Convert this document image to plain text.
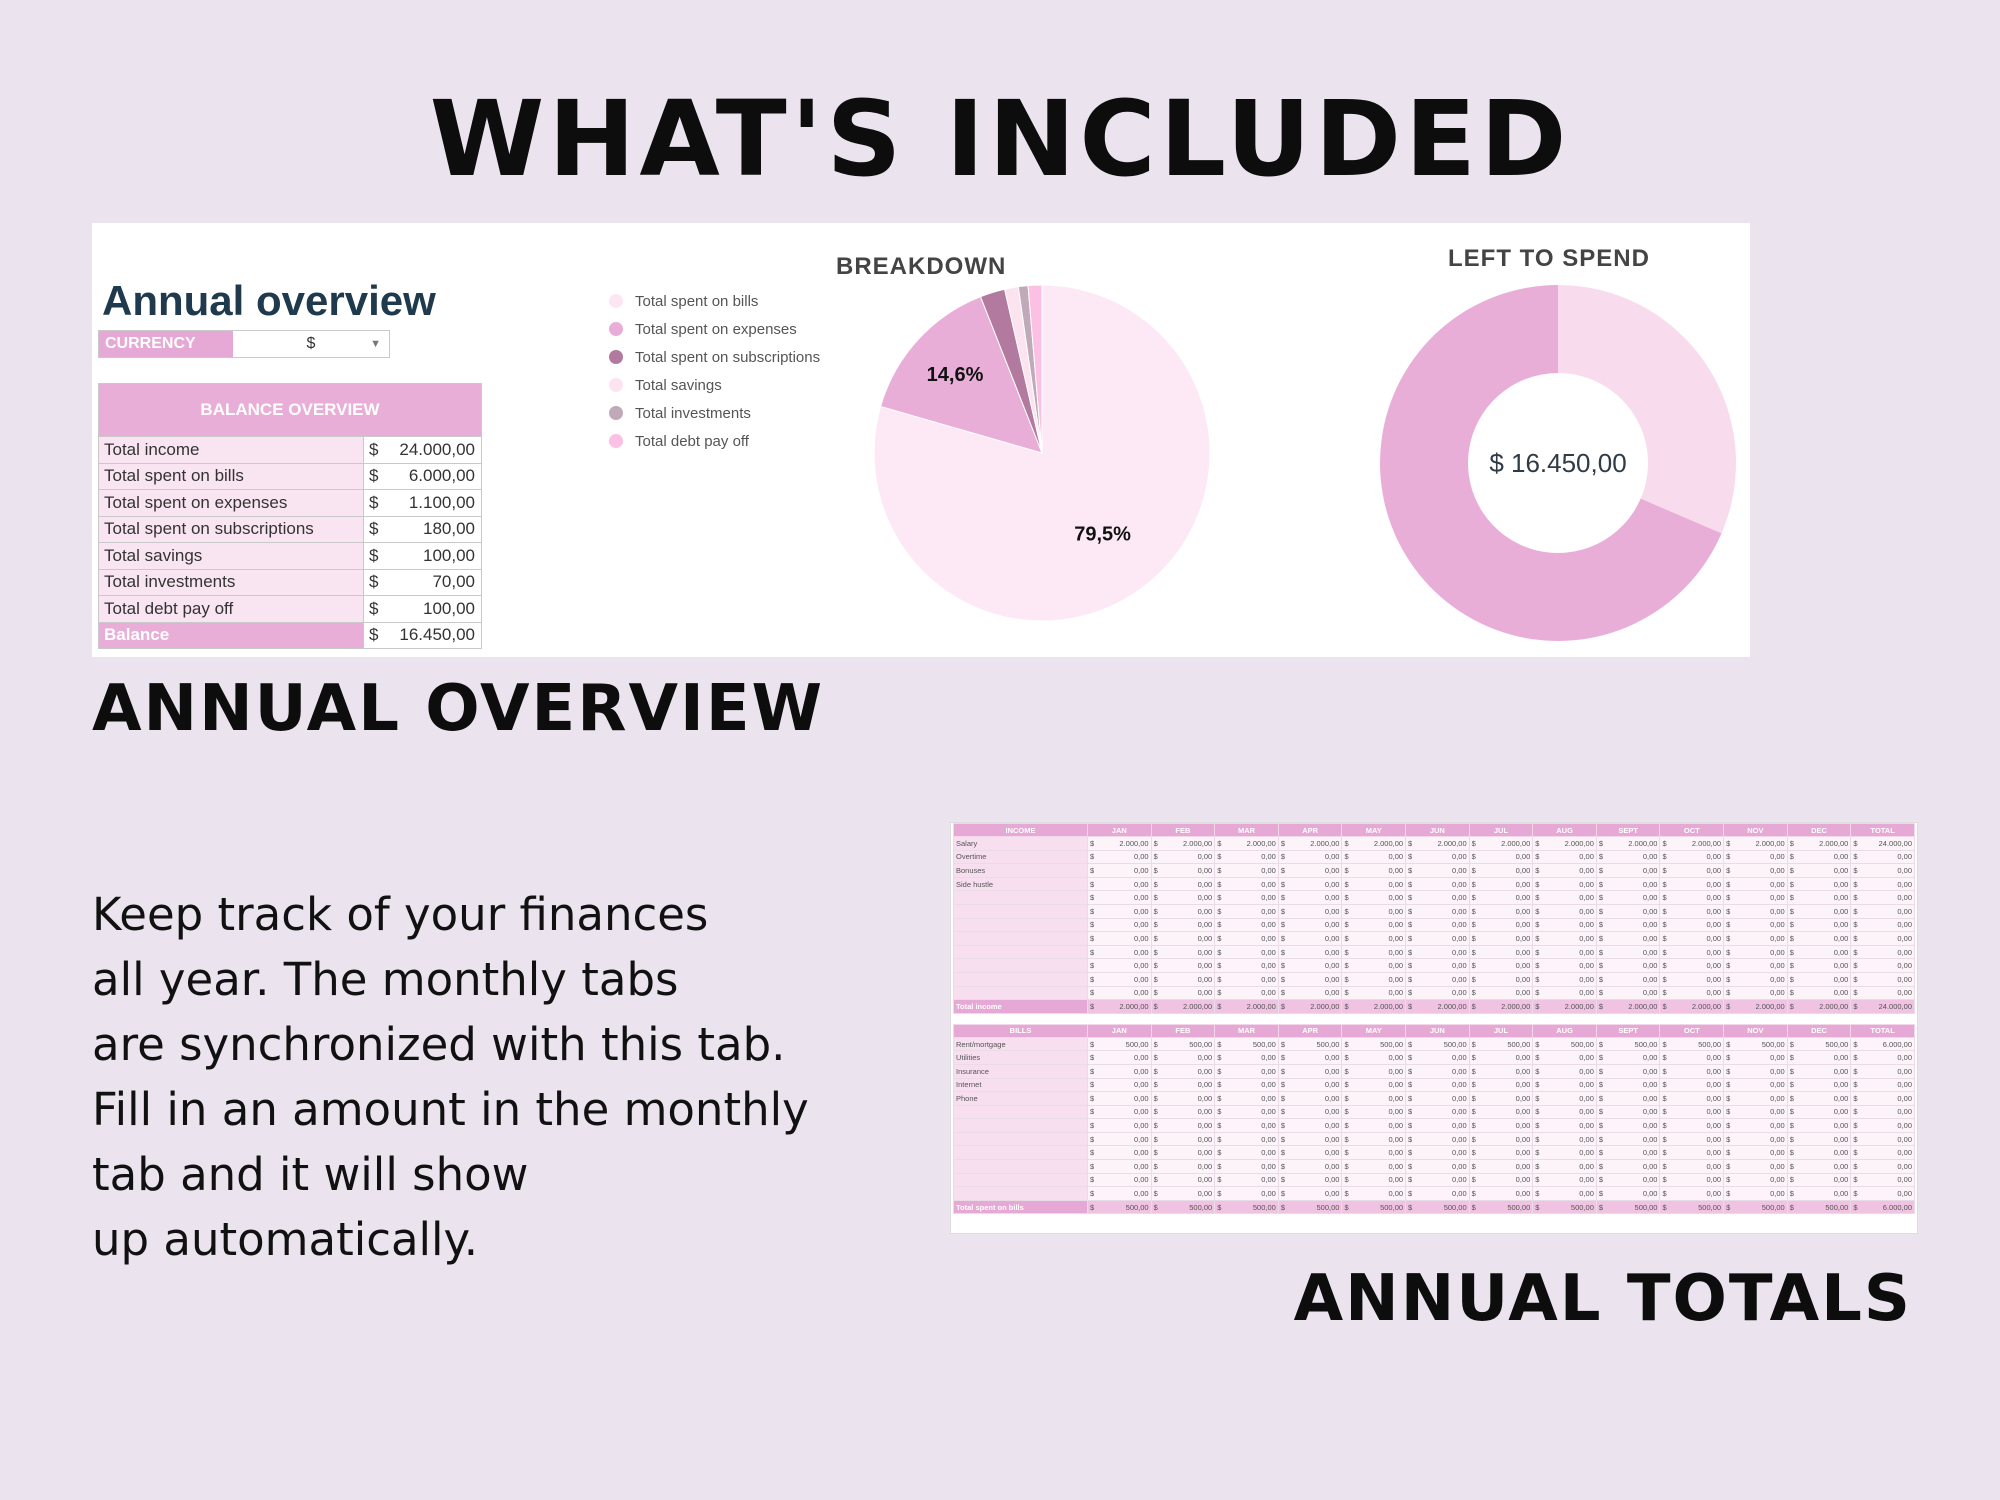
WHAT'S INCLUDED
Annual overview
CURRENCY	$	▼
BALANCE OVERVIEW		
Total income	$	24.000,00
Total spent on bills	$	6.000,00
Total spent on expenses	$	1.100,00
Total spent on subscriptions	$	180,00
Total savings	$	100,00
Total investments	$	70,00
Total debt pay off	$	100,00
Balance	$	16.450,00
Total spent on bills
Total spent on expenses
Total spent on subscriptions
Total savings
Total investments
Total debt pay off
BREAKDOWN
79,5%
14,6%
LEFT TO SPEND
$ 16.450,00
ANNUAL OVERVIEW

Keep track of your finances
all year. The monthly tabs
are synchronized with this tab.
Fill in an amount in the monthly
tab and it will show
up automatically.

INCOME	JAN	FEB	MAR	APR	MAY	JUN	JUL	AUG	SEPT	OCT	NOV	DEC	TOTAL
Salary	$ 2.000,00	$ 2.000,00	$ 2.000,00	$ 2.000,00	$ 2.000,00	$ 2.000,00	$ 2.000,00	$ 2.000,00	$ 2.000,00	$ 2.000,00	$ 2.000,00	$ 2.000,00	$ 24.000,00

Overtime	$ 0,00	$ 0,00	$ 0,00	$ 0,00	$ 0,00	$ 0,00	$ 0,00	$ 0,00	$ 0,00	$ 0,00	$ 0,00	$ 0,00	$ 0,00

Bonuses	$ 0,00	$ 0,00	$ 0,00	$ 0,00	$ 0,00	$ 0,00	$ 0,00	$ 0,00	$ 0,00	$ 0,00	$ 0,00	$ 0,00	$ 0,00

Side hustle	$ 0,00	$ 0,00	$ 0,00	$ 0,00	$ 0,00	$ 0,00	$ 0,00	$ 0,00	$ 0,00	$ 0,00	$ 0,00	$ 0,00	$ 0,00

	$ 0,00	$ 0,00	$ 0,00	$ 0,00	$ 0,00	$ 0,00	$ 0,00	$ 0,00	$ 0,00	$ 0,00	$ 0,00	$ 0,00	$ 0,00

	$ 0,00	$ 0,00	$ 0,00	$ 0,00	$ 0,00	$ 0,00	$ 0,00	$ 0,00	$ 0,00	$ 0,00	$ 0,00	$ 0,00	$ 0,00

	$ 0,00	$ 0,00	$ 0,00	$ 0,00	$ 0,00	$ 0,00	$ 0,00	$ 0,00	$ 0,00	$ 0,00	$ 0,00	$ 0,00	$ 0,00

	$ 0,00	$ 0,00	$ 0,00	$ 0,00	$ 0,00	$ 0,00	$ 0,00	$ 0,00	$ 0,00	$ 0,00	$ 0,00	$ 0,00	$ 0,00

	$ 0,00	$ 0,00	$ 0,00	$ 0,00	$ 0,00	$ 0,00	$ 0,00	$ 0,00	$ 0,00	$ 0,00	$ 0,00	$ 0,00	$ 0,00

	$ 0,00	$ 0,00	$ 0,00	$ 0,00	$ 0,00	$ 0,00	$ 0,00	$ 0,00	$ 0,00	$ 0,00	$ 0,00	$ 0,00	$ 0,00

	$ 0,00	$ 0,00	$ 0,00	$ 0,00	$ 0,00	$ 0,00	$ 0,00	$ 0,00	$ 0,00	$ 0,00	$ 0,00	$ 0,00	$ 0,00

	$ 0,00	$ 0,00	$ 0,00	$ 0,00	$ 0,00	$ 0,00	$ 0,00	$ 0,00	$ 0,00	$ 0,00	$ 0,00	$ 0,00	$ 0,00

Total income	$ 2.000,00	$ 2.000,00	$ 2.000,00	$ 2.000,00	$ 2.000,00	$ 2.000,00	$ 2.000,00	$ 2.000,00	$ 2.000,00	$ 2.000,00	$ 2.000,00	$ 2.000,00	$ 24.000,00
BILLS	JAN	FEB	MAR	APR	MAY	JUN	JUL	AUG	SEPT	OCT	NOV	DEC	TOTAL
Rent/mortgage	$ 500,00	$ 500,00	$ 500,00	$ 500,00	$ 500,00	$ 500,00	$ 500,00	$ 500,00	$ 500,00	$ 500,00	$ 500,00	$ 500,00	$ 6.000,00

Utilities	$ 0,00	$ 0,00	$ 0,00	$ 0,00	$ 0,00	$ 0,00	$ 0,00	$ 0,00	$ 0,00	$ 0,00	$ 0,00	$ 0,00	$ 0,00

Insurance	$ 0,00	$ 0,00	$ 0,00	$ 0,00	$ 0,00	$ 0,00	$ 0,00	$ 0,00	$ 0,00	$ 0,00	$ 0,00	$ 0,00	$ 0,00

Internet	$ 0,00	$ 0,00	$ 0,00	$ 0,00	$ 0,00	$ 0,00	$ 0,00	$ 0,00	$ 0,00	$ 0,00	$ 0,00	$ 0,00	$ 0,00

Phone	$ 0,00	$ 0,00	$ 0,00	$ 0,00	$ 0,00	$ 0,00	$ 0,00	$ 0,00	$ 0,00	$ 0,00	$ 0,00	$ 0,00	$ 0,00

	$ 0,00	$ 0,00	$ 0,00	$ 0,00	$ 0,00	$ 0,00	$ 0,00	$ 0,00	$ 0,00	$ 0,00	$ 0,00	$ 0,00	$ 0,00

	$ 0,00	$ 0,00	$ 0,00	$ 0,00	$ 0,00	$ 0,00	$ 0,00	$ 0,00	$ 0,00	$ 0,00	$ 0,00	$ 0,00	$ 0,00

	$ 0,00	$ 0,00	$ 0,00	$ 0,00	$ 0,00	$ 0,00	$ 0,00	$ 0,00	$ 0,00	$ 0,00	$ 0,00	$ 0,00	$ 0,00

	$ 0,00	$ 0,00	$ 0,00	$ 0,00	$ 0,00	$ 0,00	$ 0,00	$ 0,00	$ 0,00	$ 0,00	$ 0,00	$ 0,00	$ 0,00

	$ 0,00	$ 0,00	$ 0,00	$ 0,00	$ 0,00	$ 0,00	$ 0,00	$ 0,00	$ 0,00	$ 0,00	$ 0,00	$ 0,00	$ 0,00

	$ 0,00	$ 0,00	$ 0,00	$ 0,00	$ 0,00	$ 0,00	$ 0,00	$ 0,00	$ 0,00	$ 0,00	$ 0,00	$ 0,00	$ 0,00

	$ 0,00	$ 0,00	$ 0,00	$ 0,00	$ 0,00	$ 0,00	$ 0,00	$ 0,00	$ 0,00	$ 0,00	$ 0,00	$ 0,00	$ 0,00

Total spent on bills	$ 500,00	$ 500,00	$ 500,00	$ 500,00	$ 500,00	$ 500,00	$ 500,00	$ 500,00	$ 500,00	$ 500,00	$ 500,00	$ 500,00	$ 6.000,00
ANNUAL TOTALS
